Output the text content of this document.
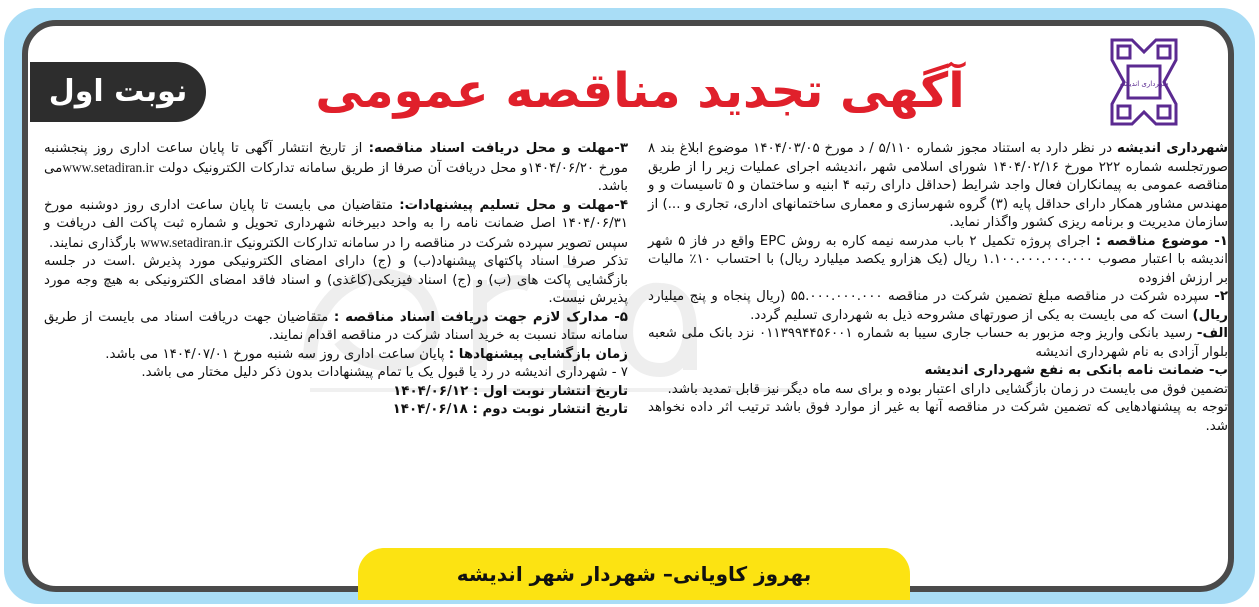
شهرداری اندیشه
آگهی تجدید مناقصه عمومی
نوبت اول

شهرداری اندیشه در نظر دارد به استناد مجوز شماره ۵/۱۱۰ / د مورخ ۱۴۰۴/۰۳/۰۵ موضوع ابلاغ بند ۸ صورتجلسه شماره ۲۲۲ مورخ ۱۴۰۴/۰۲/۱۶ شورای اسلامی شهر ،اندیشه اجرای عملیات زیر را از طریق مناقصه عمومی به پیمانکاران فعال واجد شرایط (حداقل دارای رتبه ۴ ابنیه و ساختمان و ۵ تاسیسات و و مهندس مشاور همکار دارای حداقل پایه (۳) گروه شهرسازی و معماری ساختمانهای اداری، تجاری و ...) از سازمان مدیریت و برنامه ریزی کشور واگذار نماید.

۱- موضوع مناقصه : اجرای پروژه تکمیل ۲ باب مدرسه نیمه کاره به روش EPC واقع در فاز ۵ شهر اندیشه با اعتبار مصوب ۱.۱۰۰.۰۰۰.۰۰۰.۰۰۰ ریال (یک هزارو یکصد میلیارد ریال) با احتساب ۱۰٪ مالیات بر ارزش افزوده

۲- سپرده شرکت در مناقصه مبلغ تضمین شرکت در مناقصه ۵۵.۰۰۰.۰۰۰.۰۰۰ (ریال پنجاه و پنج میلیارد ریال) است که می بایست به یکی از صورتهای مشروحه ذیل به شهرداری تسلیم گردد.

الف- رسید بانکی واریز وجه مزبور به حساب جاری سیبا به شماره ۰۱۱۳۹۹۴۴۵۶۰۰۱ نزد بانک ملی شعبه بلوار آزادی به نام شهرداری اندیشه

ب- ضمانت نامه بانکی به نفع شهرداری اندیشه

تضمین فوق می بایست در زمان بازگشایی دارای اعتبار بوده و برای سه ماه دیگر نیز قابل تمدید باشد.

توجه به پیشنهادهایی که تضمین شرکت در مناقصه آنها به غیر از موارد فوق باشد ترتیب اثر داده نخواهد شد.

۳-مهلت و محل دریافت اسناد مناقصه: از تاریخ انتشار آگهی تا پایان ساعت اداری روز پنجشنبه مورخ ۱۴۰۴/۰۶/۲۰و محل دریافت آن صرفا از طریق سامانه تدارکات الکترونیک دولت www.setadiran.irمی باشد.

۴-مهلت و محل تسلیم پیشنهادات: متقاضیان می بایست تا پایان ساعت اداری روز دوشنبه مورخ ۱۴۰۴/۰۶/۳۱ اصل ضمانت نامه را به واحد دبیرخانه شهرداری تحویل و شماره ثبت پاکت الف دریافت و سپس تصویر سپرده شرکت در مناقصه را در سامانه تدارکات الکترونیک www.setadiran.ir بارگذاری نمایند.

تذکر صرفا اسناد پاکتهای پیشنهاد(ب) و (ج) دارای امضای الکترونیکی مورد پذیرش .است در جلسه بازگشایی پاکت های (ب) و (ج) اسناد فیزیکی(کاغذی) و اسناد فاقد امضای الکترونیکی به هیچ وجه مورد پذیرش نیست.

۵- مدارک لازم جهت دریافت اسناد مناقصه : متقاضیان جهت دریافت اسناد می بایست از طریق سامانه ستاد نسبت به خرید اسناد شرکت در مناقصه اقدام نمایند.

زمان بازگشایی پیشنهادها : پایان ساعت اداری روز سه شنبه مورخ ۱۴۰۴/۰۷/۰۱ می باشد.

۷ - شهرداری اندیشه در رد یا قبول یک یا تمام پیشنهادات بدون ذکر دلیل مختار می باشد.

تاریخ انتشار نوبت اول : ۱۴۰۴/۰۶/۱۲

تاریخ انتشار نوبت دوم : ۱۴۰۴/۰۶/۱۸

بهروز کاویانی– شهردار شهر اندیشه
